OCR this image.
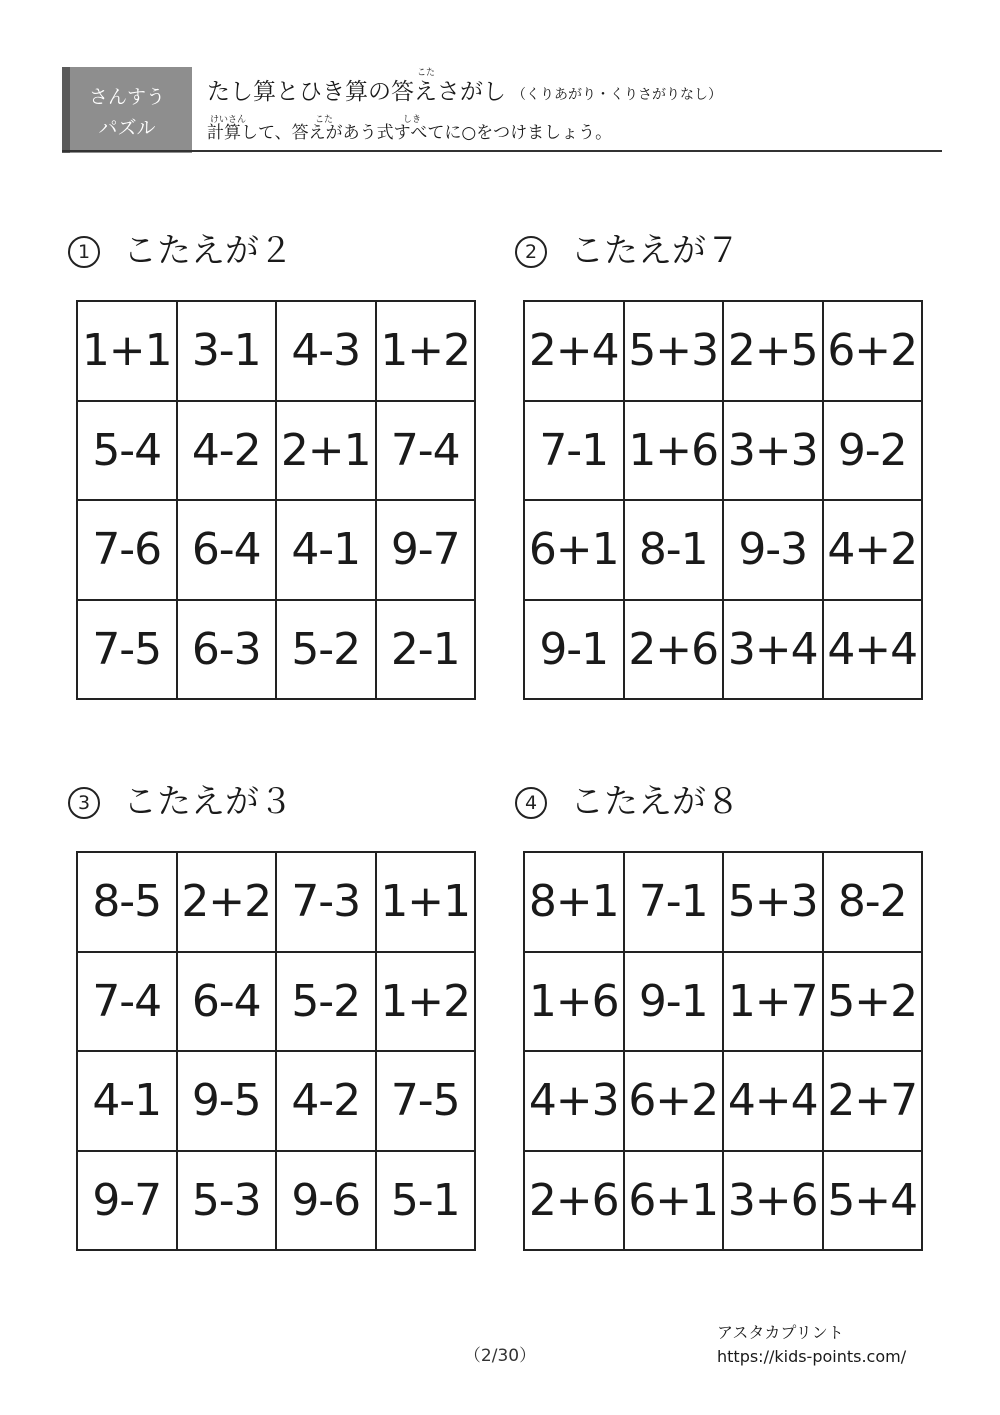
さんすう
パズル
こた
たし算とひき算の答えさがし （くりあがり・くりさがりなし）
けいさん	こた	しき
計算して、答えがあう式すべてに○をつけましょう。
1 こたえが２
1+1 3-1 4-3 1+2
5-4 4-2 2+1 7-4
7-6 6-4 4-1 9-7
7-5 6-3 5-2 2-1
2 こたえが７
2+4 5+3 2+5 6+2
7-1 1+6 3+3 9-2
6+1 8-1 9-3 4+2
9-1 2+6 3+4 4+4
3 こたえが３
8-5 2+2 7-3 1+1
7-4 6-4 5-2 1+2
4-1 9-5 4-2 7-5
9-7 5-3 9-6 5-1
4 こたえが８
8+1 7-1 5+3 8-2
1+6 9-1 1+7 5+2
4+3 6+2 4+4 2+7
2+6 6+1 3+6 5+4
（2/30）
アスタカプリント
https://kids-points.com/
